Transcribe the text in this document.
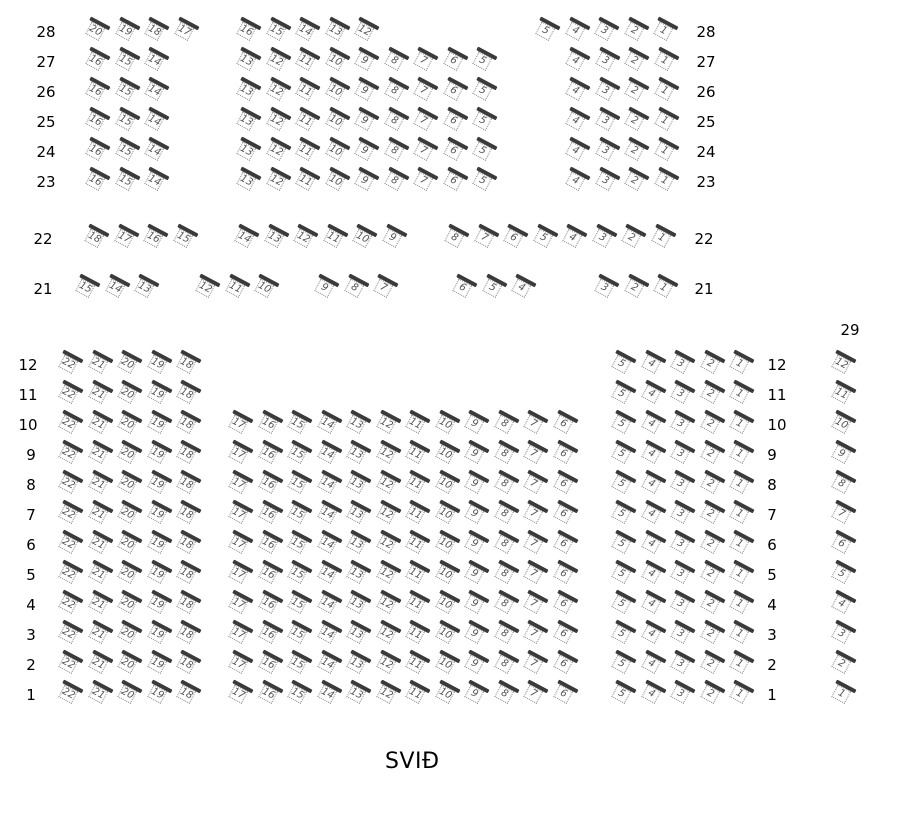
SVIÐ
28	28
20	19	18	17	16	15	14	13	12	5	4	3	2	1
27	27
16	15	14	13	12	11	10	9	8	7	6	5	4	3	2	1
26	26
16	15	14	13	12	11	10	9	8	7	6	5	4	3	2	1
25	25
16	15	14	13	12	11	10	9	8	7	6	5	4	3	2	1
24	24
16	15	14	13	12	11	10	9	8	7	6	5	4	3	2	1
23	23
16	15	14	13	12	11	10	9	8	7	6	5	4	3	2	1
22	22
18	17	16	15	14	13	12	11	10	9	8	7	6	5	4	3	2	1
21	21
15	14	13	12	11	10	9	8	7	6	5	4	3	2	1
29
12	12
22	21	20	19	18	5	4	3	2	1	12
11	11
22	21	20	19	18	5	4	3	2	1	11
10	10
22	21	20	19	18	17	16	15	14	13	12	11	10	9	8	7	6	5	4	3	2	1	10
9	9
22	21	20	19	18	17	16	15	14	13	12	11	10	9	8	7	6	5	4	3	2	1	9
8	8
22	21	20	19	18	17	16	15	14	13	12	11	10	9	8	7	6	5	4	3	2	1	8
7	7
22	21	20	19	18	17	16	15	14	13	12	11	10	9	8	7	6	5	4	3	2	1	7
6	6
22	21	20	19	18	17	16	15	14	13	12	11	10	9	8	7	6	5	4	3	2	1	6
5	5
22	21	20	19	18	17	16	15	14	13	12	11	10	9	8	7	6	5	4	3	2	1	5
4	4
22	21	20	19	18	17	16	15	14	13	12	11	10	9	8	7	6	5	4	3	2	1	4
3	3
22	21	20	19	18	17	16	15	14	13	12	11	10	9	8	7	6	5	4	3	2	1	3
2	2
22	21	20	19	18	17	16	15	14	13	12	11	10	9	8	7	6	5	4	3	2	1	2
1	1
22	21	20	19	18	17	16	15	14	13	12	11	10	9	8	7	6	5	4	3	2	1	1
